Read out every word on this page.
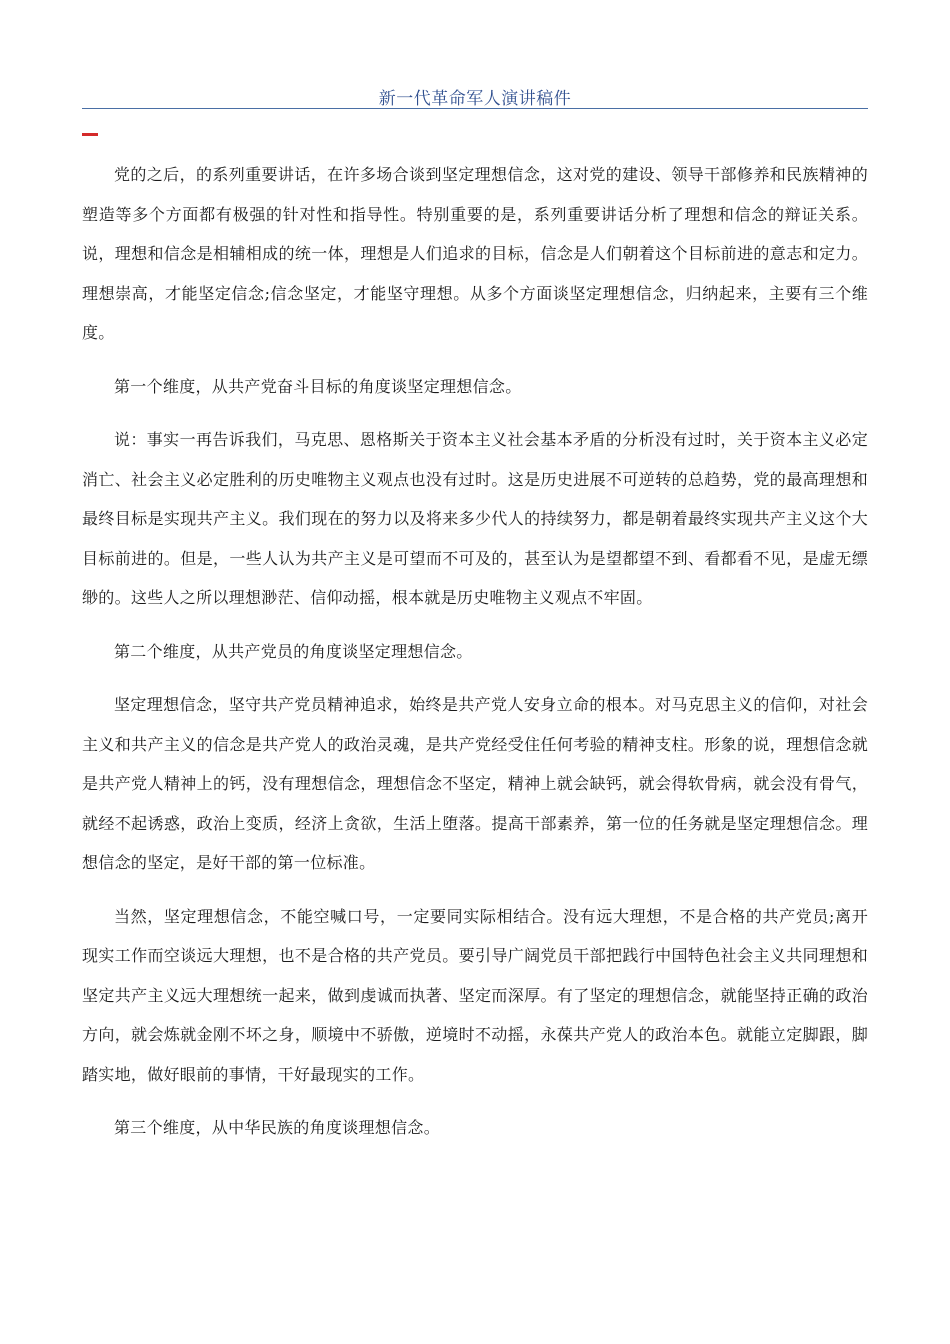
新一代革命军人演讲稿件

党的之后，的系列重要讲话，在许多场合谈到坚定理想信念，这对党的建设、领导干部修养和民族精神的塑造等多个方面都有极强的针对性和指导性。特别重要的是，系列重要讲话分析了理想和信念的辩证关系。说，理想和信念是相辅相成的统一体，理想是人们追求的目标，信念是人们朝着这个目标前进的意志和定力。理想崇高，才能坚定信念;信念坚定，才能坚守理想。从多个方面谈坚定理想信念，归纳起来，主要有三个维度。

第一个维度，从共产党奋斗目标的角度谈坚定理想信念。

说：事实一再告诉我们，马克思、恩格斯关于资本主义社会基本矛盾的分析没有过时，关于资本主义必定消亡、社会主义必定胜利的历史唯物主义观点也没有过时。这是历史进展不可逆转的总趋势，党的最高理想和最终目标是实现共产主义。我们现在的努力以及将来多少代人的持续努力，都是朝着最终实现共产主义这个大目标前进的。但是，一些人认为共产主义是可望而不可及的，甚至认为是望都望不到、看都看不见，是虚无缥缈的。这些人之所以理想渺茫、信仰动摇，根本就是历史唯物主义观点不牢固。

第二个维度，从共产党员的角度谈坚定理想信念。

坚定理想信念，坚守共产党员精神追求，始终是共产党人安身立命的根本。对马克思主义的信仰，对社会主义和共产主义的信念是共产党人的政治灵魂，是共产党经受住任何考验的精神支柱。形象的说，理想信念就是共产党人精神上的钙，没有理想信念，理想信念不坚定，精神上就会缺钙，就会得软骨病，就会没有骨气，就经不起诱惑，政治上变质，经济上贪欲，生活上堕落。提高干部素养，第一位的任务就是坚定理想信念。理想信念的坚定，是好干部的第一位标准。

当然，坚定理想信念，不能空喊口号，一定要同实际相结合。没有远大理想，不是合格的共产党员;离开现实工作而空谈远大理想，也不是合格的共产党员。要引导广阔党员干部把践行中国特色社会主义共同理想和坚定共产主义远大理想统一起来，做到虔诚而执著、坚定而深厚。有了坚定的理想信念，就能坚持正确的政治方向，就会炼就金刚不坏之身，顺境中不骄傲，逆境时不动摇，永葆共产党人的政治本色。就能立定脚跟，脚踏实地，做好眼前的事情，干好最现实的工作。

第三个维度，从中华民族的角度谈理想信念。
